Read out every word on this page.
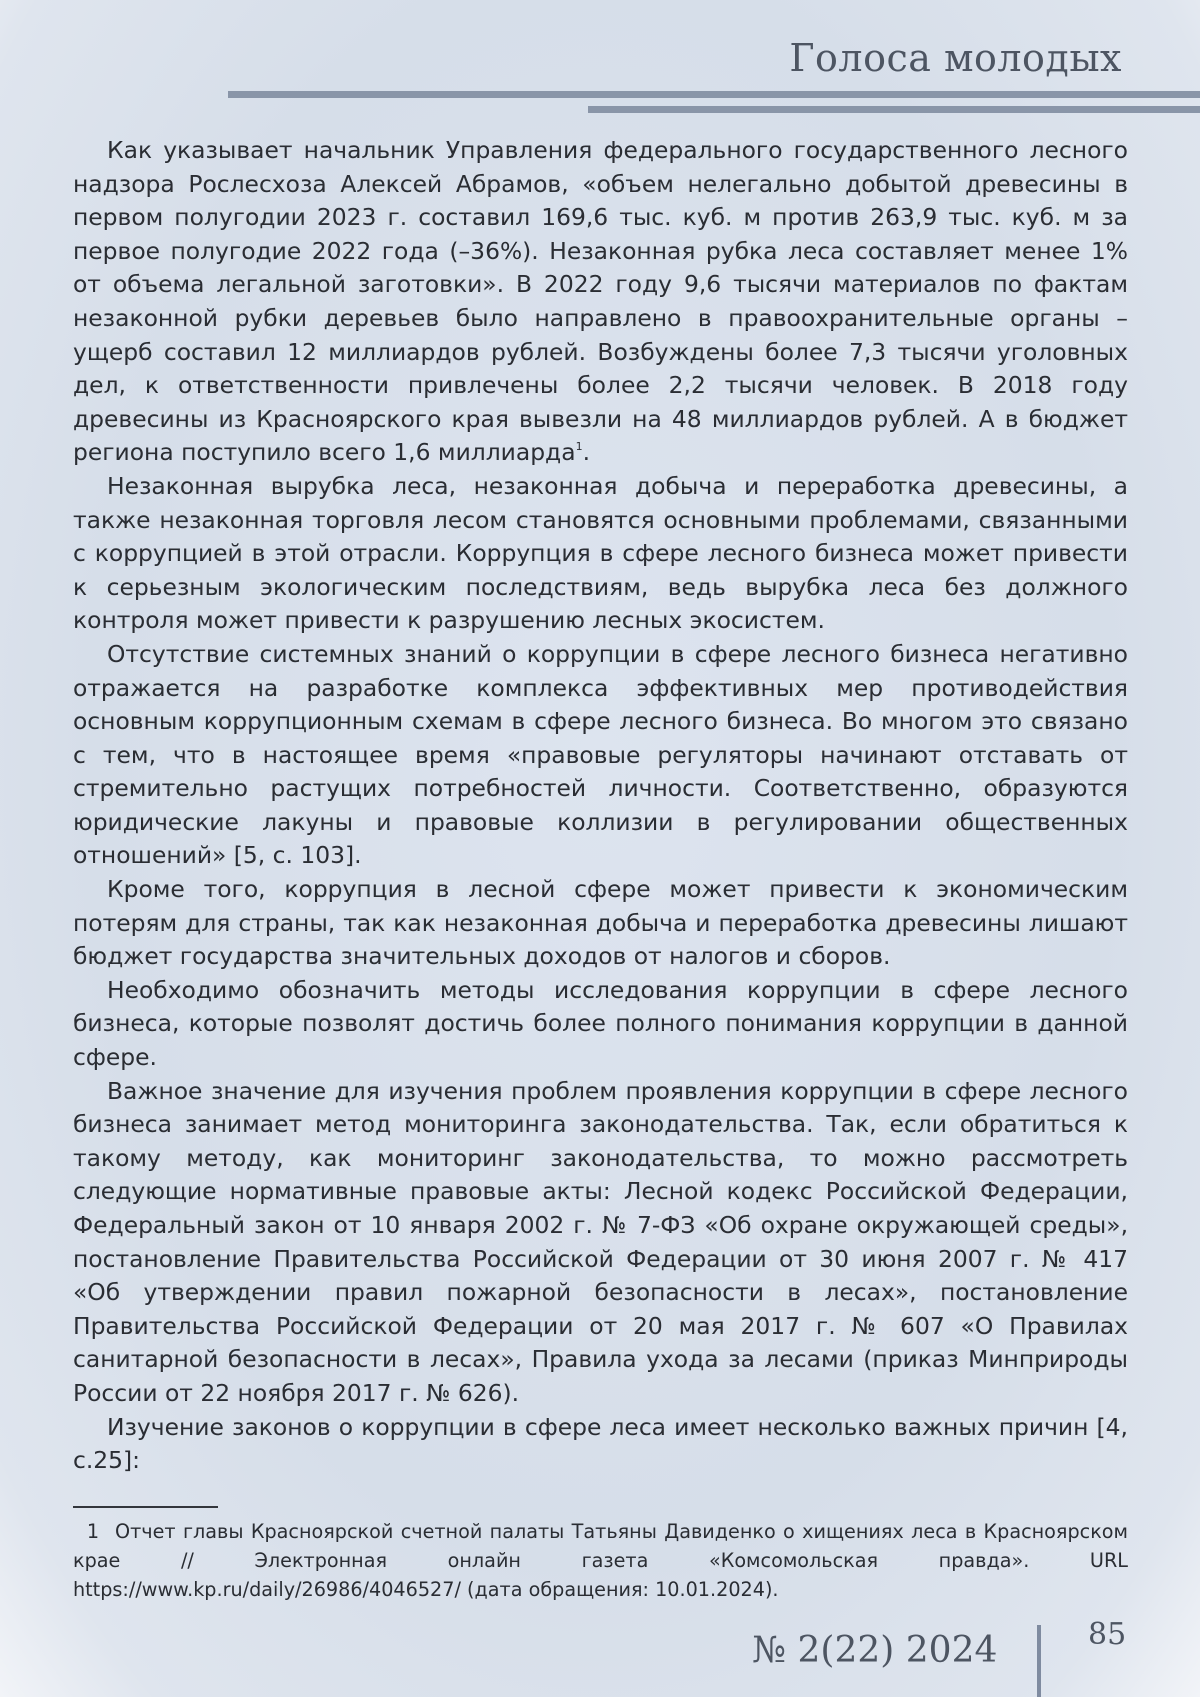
Голоса молодых

Как указывает начальник Управления федерального государственного лесного надзора Рослесхоза Алексей Абрамов, «объем нелегально добытой древесины в первом полугодии 2023 г. составил 169,6 тыс. куб. м против 263,9 тыс. куб. м за первое полугодие 2022 года (–36%). Незаконная рубка леса составляет менее 1% от объема легальной заготовки». В 2022 году 9,6 тысячи материалов по фактам незаконной рубки деревьев было направлено в правоохранительные органы – ущерб составил 12 миллиардов рублей. Возбуждены более 7,3 тысячи уголовных дел, к ответственности привлечены более 2,2 тысячи человек. В 2018 году древесины из Красноярского края вывезли на 48 миллиардов рублей. А в бюджет региона поступило всего 1,6 миллиарда1.

Незаконная вырубка леса, незаконная добыча и переработка древесины, а также незаконная торговля лесом становятся основными проблемами, связанными с коррупцией в этой отрасли. Коррупция в сфере лесного бизнеса может привести к серьезным экологическим последствиям, ведь вырубка леса без должного контроля может привести к разрушению лесных экосистем.

Отсутствие системных знаний о коррупции в сфере лесного бизнеса негативно отражается на разработке комплекса эффективных мер противодействия основным коррупционным схемам в сфере лесного бизнеса. Во многом это связано с тем, что в настоящее время «правовые регуляторы начинают отставать от стремительно растущих потребностей личности. Соответственно, образуются юридические лакуны и правовые коллизии в регулировании общественных отношений» [5, с. 103].

Кроме того, коррупция в лесной сфере может привести к экономическим потерям для страны, так как незаконная добыча и переработка древесины лишают бюджет государства значительных доходов от налогов и сборов.

Необходимо обозначить методы исследования коррупции в сфере лесного бизнеса, которые позволят достичь более полного понимания коррупции в данной сфере.

Важное значение для изучения проблем проявления коррупции в сфере лесного бизнеса занимает метод мониторинга законодательства. Так, если обратиться к такому методу, как мониторинг законодательства, то можно рассмотреть следующие нормативные правовые акты: Лесной кодекс Российской Федерации, Федеральный закон от 10 января 2002 г. № 7-ФЗ «Об охране окружающей среды», постановление Правительства Российской Федерации от 30 июня 2007 г. № 417 «Об утверждении правил пожарной безопасности в лесах», постановление Правительства Российской Федерации от 20 мая 2017 г. № 607 «О Правилах санитарной безопасности в лесах», Правила ухода за лесами (приказ Минприроды России от 22 ноября 2017 г. № 626).

Изучение законов о коррупции в сфере леса имеет несколько важных причин [4, с.25]:

1 Отчет главы Красноярской счетной палаты Татьяны Давиденко о хищениях леса в Красноярском крае // Электронная онлайн газета «Комсомольская правда». URL https://www.kp.ru/daily/26986/4046527/ (дата обращения: 10.01.2024).
№ 2(22) 2024	85
